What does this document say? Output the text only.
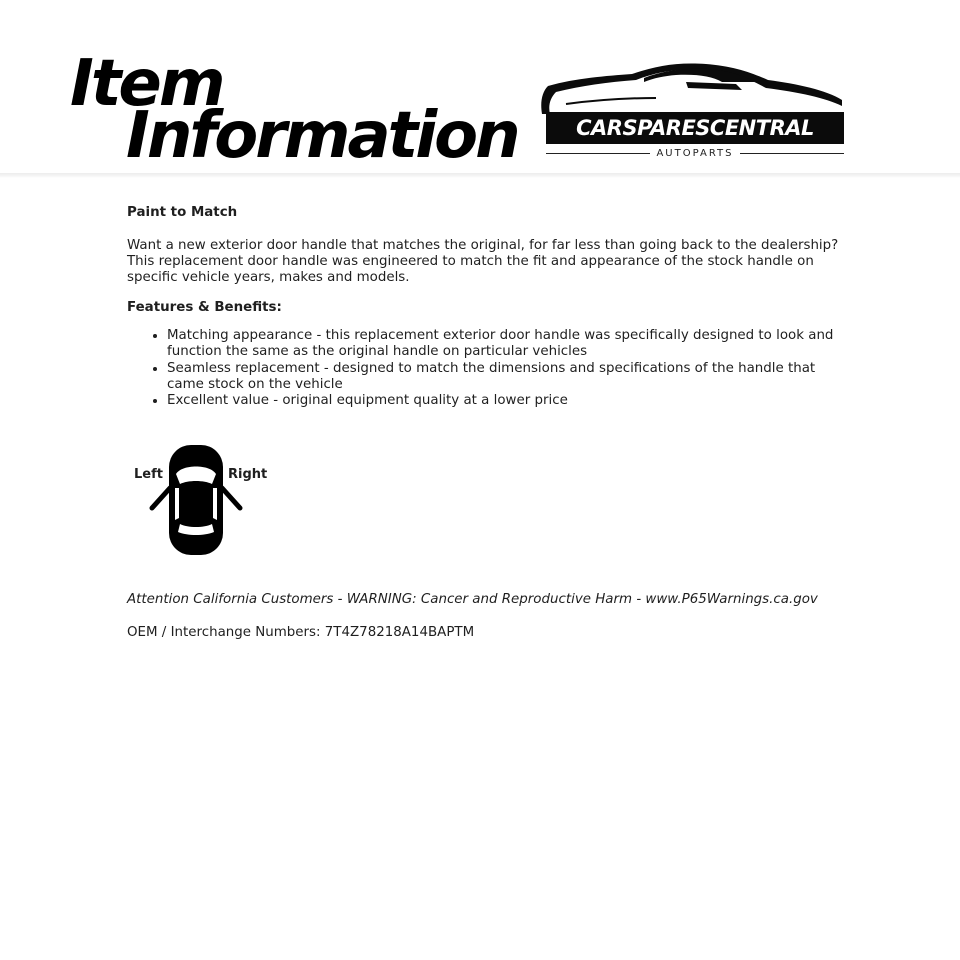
Item
Information	CARSPARESCENTRAL
AUTOPARTS

Paint to Match

Want a new exterior door handle that matches the original, for far less than going back to the dealership? This replacement door handle was engineered to match the fit and appearance of the stock handle on specific vehicle years, makes and models.

Features & Benefits:

• Matching appearance - this replacement exterior door handle was specifically designed to look and function the same as the original handle on particular vehicles
• Seamless replacement - designed to match the dimensions and specifications of the handle that came stock on the vehicle
• Excellent value - original equipment quality at a lower price
Left	Right

Attention California Customers - WARNING: Cancer and Reproductive Harm - www.P65Warnings.ca.gov

OEM / Interchange Numbers: 7T4Z78218A14BAPTM
